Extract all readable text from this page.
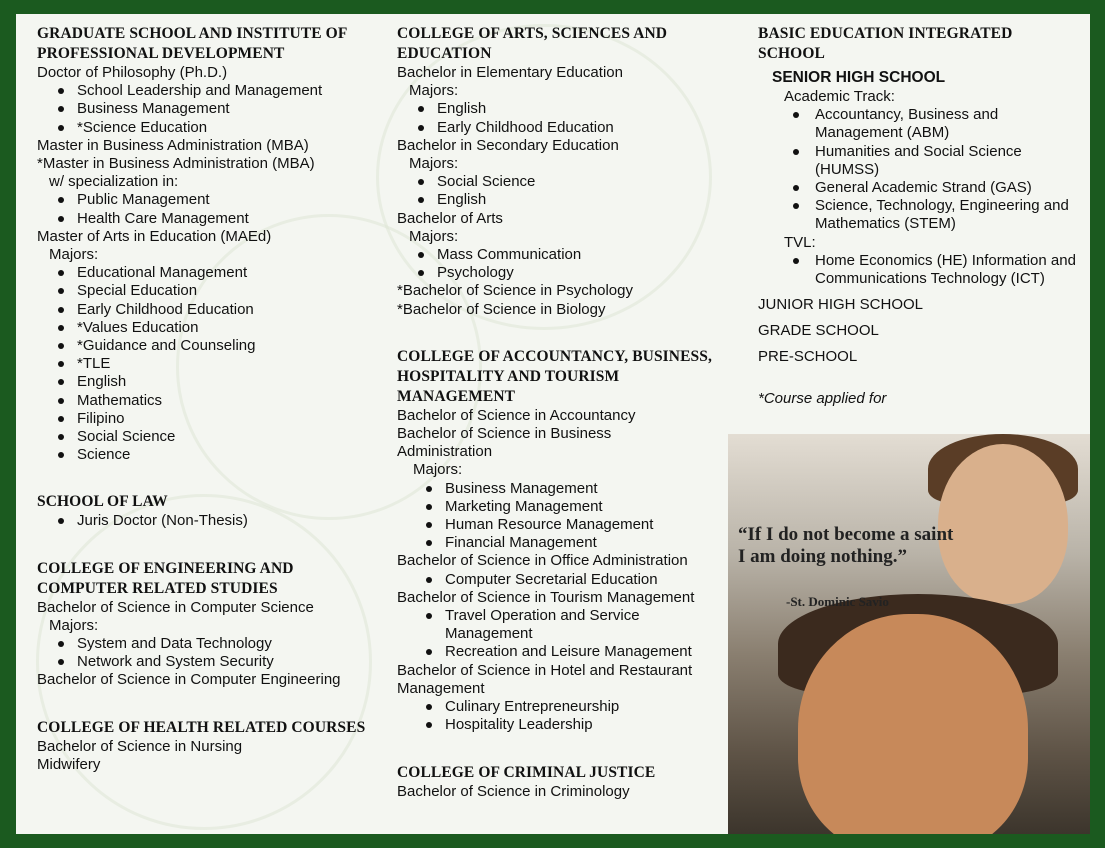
GRADUATE SCHOOL AND INSTITUTE OF PROFESSIONAL DEVELOPMENT
Doctor of Philosophy (Ph.D.)
School Leadership and Management
Business Management
*Science Education
Master in Business Administration (MBA)
*Master in Business Administration (MBA)
w/ specialization in:
Public Management
Health Care Management
Master of Arts in Education (MAEd)
Majors:
Educational Management
Special Education
Early Childhood Education
*Values Education
*Guidance and Counseling
*TLE
English
Mathematics
Filipino
Social Science
Science
SCHOOL OF LAW
Juris Doctor (Non-Thesis)
COLLEGE OF ENGINEERING AND COMPUTER RELATED STUDIES
Bachelor of Science in Computer Science
Majors:
System and Data Technology
Network and System Security
Bachelor of Science in Computer Engineering
COLLEGE OF HEALTH RELATED COURSES
Bachelor of Science in Nursing
Midwifery
COLLEGE OF ARTS, SCIENCES AND EDUCATION
Bachelor in Elementary Education
Majors:
English
Early Childhood Education
Bachelor in Secondary Education
Majors:
Social Science
English
Bachelor of Arts
Majors:
Mass Communication
Psychology
*Bachelor of Science in Psychology
*Bachelor of Science in Biology
COLLEGE OF ACCOUNTANCY, BUSINESS, HOSPITALITY AND TOURISM MANAGEMENT
Bachelor of Science in Accountancy
Bachelor of Science in Business Administration
Majors:
Business Management
Marketing Management
Human Resource Management
Financial Management
Bachelor of Science in Office Administration
Computer Secretarial Education
Bachelor of Science in Tourism Management
Travel Operation and Service Management
Recreation and Leisure Management
Bachelor of Science in Hotel and Restaurant Management
Culinary Entrepreneurship
Hospitality Leadership
COLLEGE OF CRIMINAL JUSTICE
Bachelor of Science in Criminology
BASIC EDUCATION INTEGRATED SCHOOL
SENIOR HIGH SCHOOL
Academic Track:
Accountancy, Business and Management (ABM)
Humanities and Social Science (HUMSS)
General Academic Strand (GAS)
Science, Technology, Engineering and Mathematics (STEM)
TVL:
Home Economics (HE) Information and Communications Technology (ICT)
JUNIOR HIGH SCHOOL
GRADE SCHOOL
PRE-SCHOOL
*Course applied for
“If I do not become a saint I am doing nothing.”
-St. Dominic Savio
